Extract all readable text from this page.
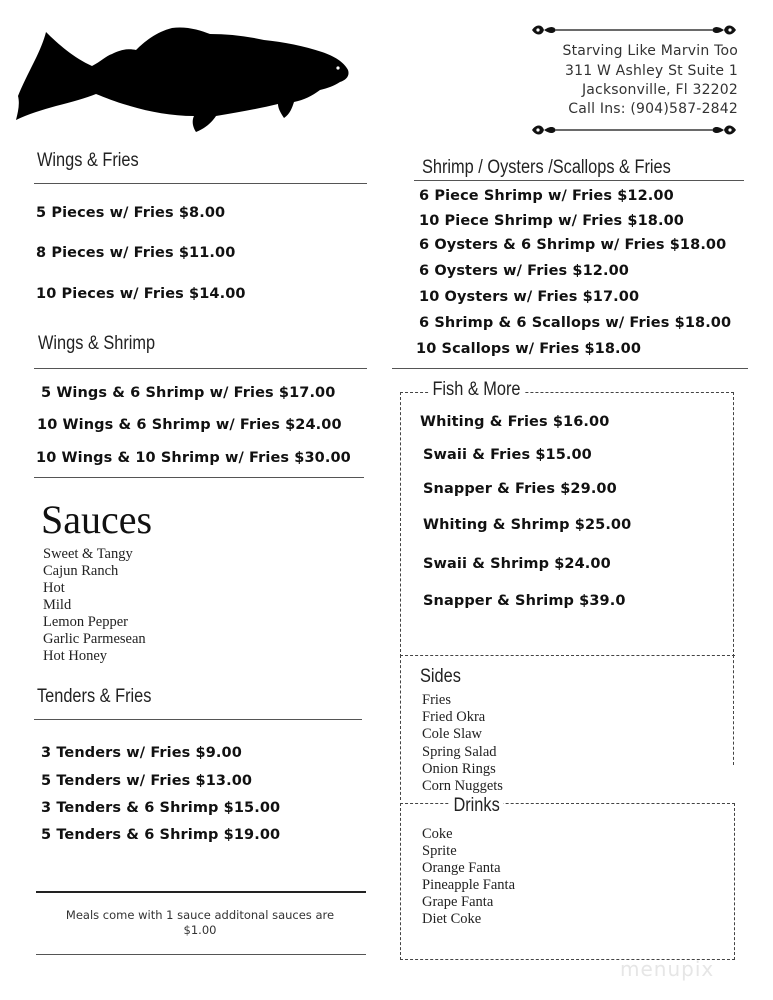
Starving Like Marvin Too
311 W Ashley St Suite 1
Jacksonville, Fl 32202
Call Ins: (904)587-2842
Wings & Fries
5 Pieces w/ Fries $8.00
8 Pieces w/ Fries $11.00
10 Pieces w/ Fries $14.00
Wings & Shrimp
5 Wings & 6 Shrimp w/ Fries $17.00
10 Wings & 6 Shrimp w/ Fries $24.00
10 Wings & 10 Shrimp w/ Fries $30.00
Sauces
Sweet & Tangy
Cajun Ranch
Hot
Mild
Lemon Pepper
Garlic Parmesean
Hot Honey
Tenders & Fries
3 Tenders w/ Fries $9.00
5 Tenders w/ Fries $13.00
3 Tenders & 6 Shrimp $15.00
5 Tenders & 6 Shrimp $19.00
Meals come with 1 sauce additonal sauces are $1.00
Shrimp / Oysters /Scallops & Fries
6 Piece Shrimp w/ Fries $12.00
10 Piece Shrimp w/ Fries $18.00
6 Oysters & 6 Shrimp w/ Fries $18.00
6 Oysters w/ Fries $12.00
10 Oysters w/ Fries $17.00
6 Shrimp & 6 Scallops w/ Fries $18.00
10 Scallops w/ Fries $18.00
Fish & More
Whiting & Fries $16.00
Swaii & Fries $15.00
Snapper & Fries $29.00
Whiting & Shrimp $25.00
Swaii & Shrimp $24.00
Snapper & Shrimp $39.0
Sides
Fries
Fried Okra
Cole Slaw
Spring Salad
Onion Rings
Corn Nuggets
Drinks
Coke
Sprite
Orange Fanta
Pineapple Fanta
Grape Fanta
Diet Coke
menupix
